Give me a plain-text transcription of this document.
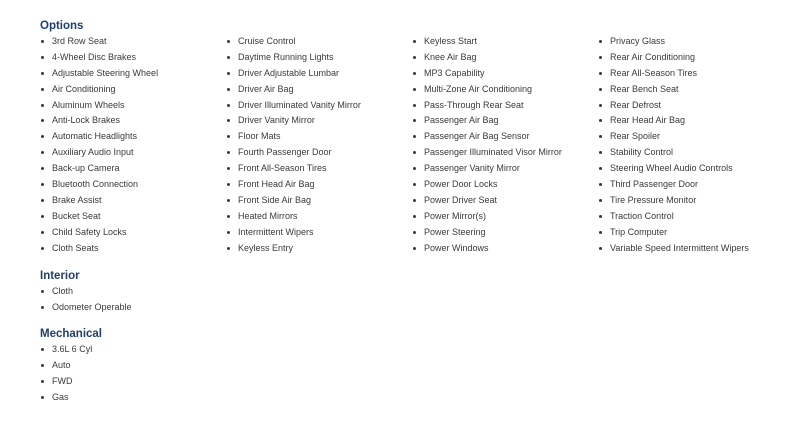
Options
3rd Row Seat
4-Wheel Disc Brakes
Adjustable Steering Wheel
Air Conditioning
Aluminum Wheels
Anti-Lock Brakes
Automatic Headlights
Auxiliary Audio Input
Back-up Camera
Bluetooth Connection
Brake Assist
Bucket Seat
Child Safety Locks
Cloth Seats
Cruise Control
Daytime Running Lights
Driver Adjustable Lumbar
Driver Air Bag
Driver Illuminated Vanity Mirror
Driver Vanity Mirror
Floor Mats
Fourth Passenger Door
Front All-Season Tires
Front Head Air Bag
Front Side Air Bag
Heated Mirrors
Intermittent Wipers
Keyless Entry
Keyless Start
Knee Air Bag
MP3 Capability
Multi-Zone Air Conditioning
Pass-Through Rear Seat
Passenger Air Bag
Passenger Air Bag Sensor
Passenger Illuminated Visor Mirror
Passenger Vanity Mirror
Power Door Locks
Power Driver Seat
Power Mirror(s)
Power Steering
Power Windows
Privacy Glass
Rear Air Conditioning
Rear All-Season Tires
Rear Bench Seat
Rear Defrost
Rear Head Air Bag
Rear Spoiler
Stability Control
Steering Wheel Audio Controls
Third Passenger Door
Tire Pressure Monitor
Traction Control
Trip Computer
Variable Speed Intermittent Wipers
Interior
Cloth
Odometer Operable
Mechanical
3.6L 6 Cyl
Auto
FWD
Gas
